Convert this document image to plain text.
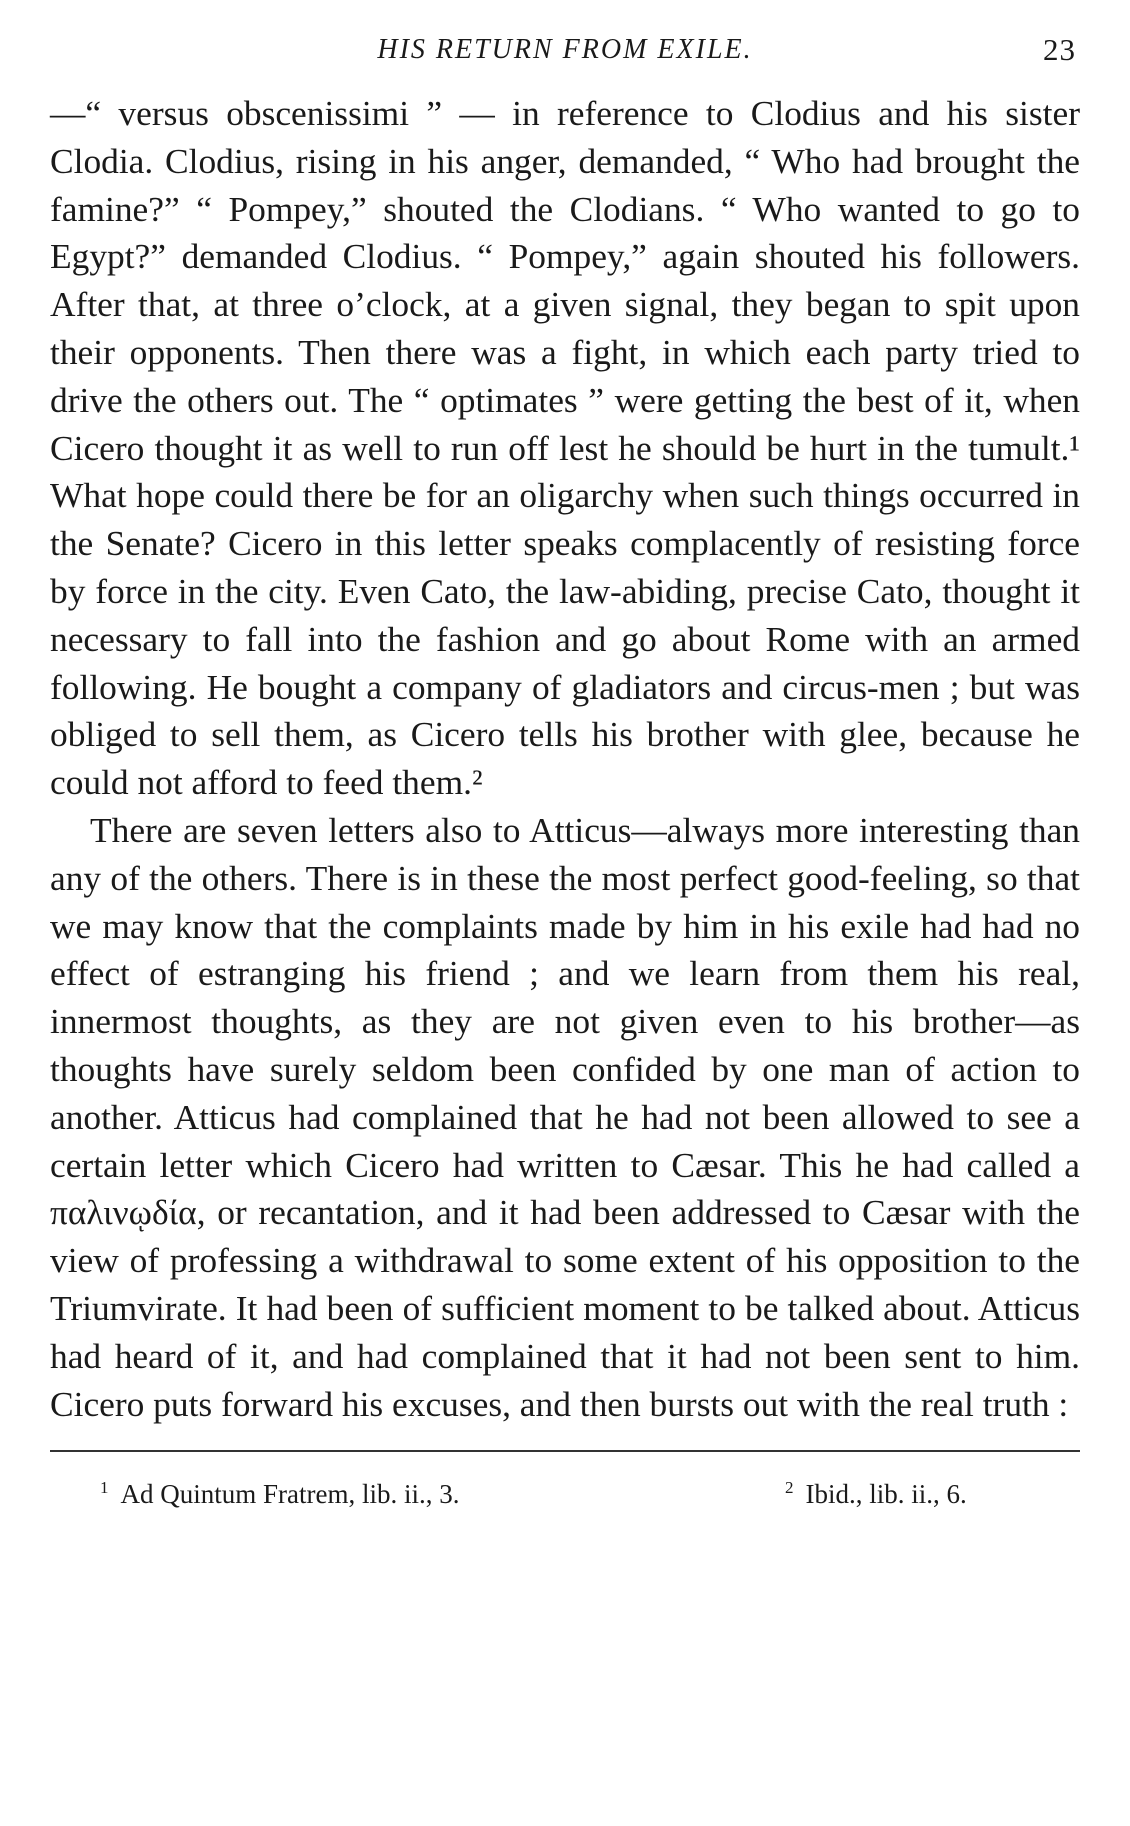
HIS RETURN FROM EXILE.	23

—“ versus obscenissimi ” — in reference to Clodius and his sister Clodia. Clodius, rising in his anger, demanded, “ Who had brought the famine?” “ Pompey,” shouted the Clodians. “ Who wanted to go to Egypt?” demanded Clodius. “ Pompey,” again shouted his followers. After that, at three o’clock, at a given signal, they began to spit upon their opponents. Then there was a fight, in which each party tried to drive the others out. The “ optimates ” were getting the best of it, when Cicero thought it as well to run off lest he should be hurt in the tumult.¹ What hope could there be for an oligarchy when such things occurred in the Senate? Cicero in this letter speaks complacently of resisting force by force in the city. Even Cato, the law-abiding, precise Cato, thought it necessary to fall into the fashion and go about Rome with an armed following. He bought a company of gladiators and circus-men ; but was obliged to sell them, as Cicero tells his brother with glee, because he could not afford to feed them.²

There are seven letters also to Atticus—always more interesting than any of the others. There is in these the most perfect good-feeling, so that we may know that the complaints made by him in his exile had had no effect of estranging his friend ; and we learn from them his real, innermost thoughts, as they are not given even to his brother—as thoughts have surely seldom been confided by one man of action to another. Atticus had complained that he had not been allowed to see a certain letter which Cicero had written to Cæsar. This he had called a παλινῳδία, or recantation, and it had been addressed to Cæsar with the view of professing a withdrawal to some extent of his opposition to the Triumvirate. It had been of sufficient moment to be talked about. Atticus had heard of it, and had complained that it had not been sent to him. Cicero puts forward his excuses, and then bursts out with the real truth :

$^1$ Ad Quintum Fratrem, lib. ii., 3.	$^2$ Ibid., lib. ii., 6.
